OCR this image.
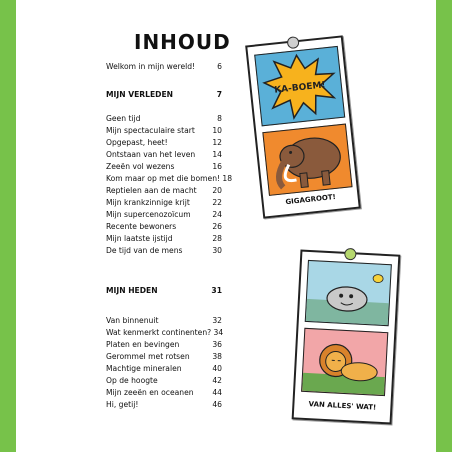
INHOUD
Welkom in mijn wereld!	6
MIJN VERLEDEN	7
Geen tijd	8
Mijn spectaculaire start	10
Opgepast, heet!	12
Ontstaan van het leven	14
Zeeën vol wezens	16
Kom maar op met die bomen! 18
Reptielen aan de macht	20
Mijn krankzinnige krijt	22
Mijn supercenozoïcum	24
Recente bewoners	26
Mijn laatste ijstijd	28
De tijd van de mens	30
MIJN HEDEN	31
Van binnenuit	32
Wat kenmerkt continenten? 34
Platen en bevingen	36
Gerommel met rotsen	38
Machtige mineralen	40
Op de hoogte	42
Mijn zeeën en oceanen	44
Hi, getij!	46
KA-BOEM!
GIGAGROOT!
VAN ALLES' WAT!
